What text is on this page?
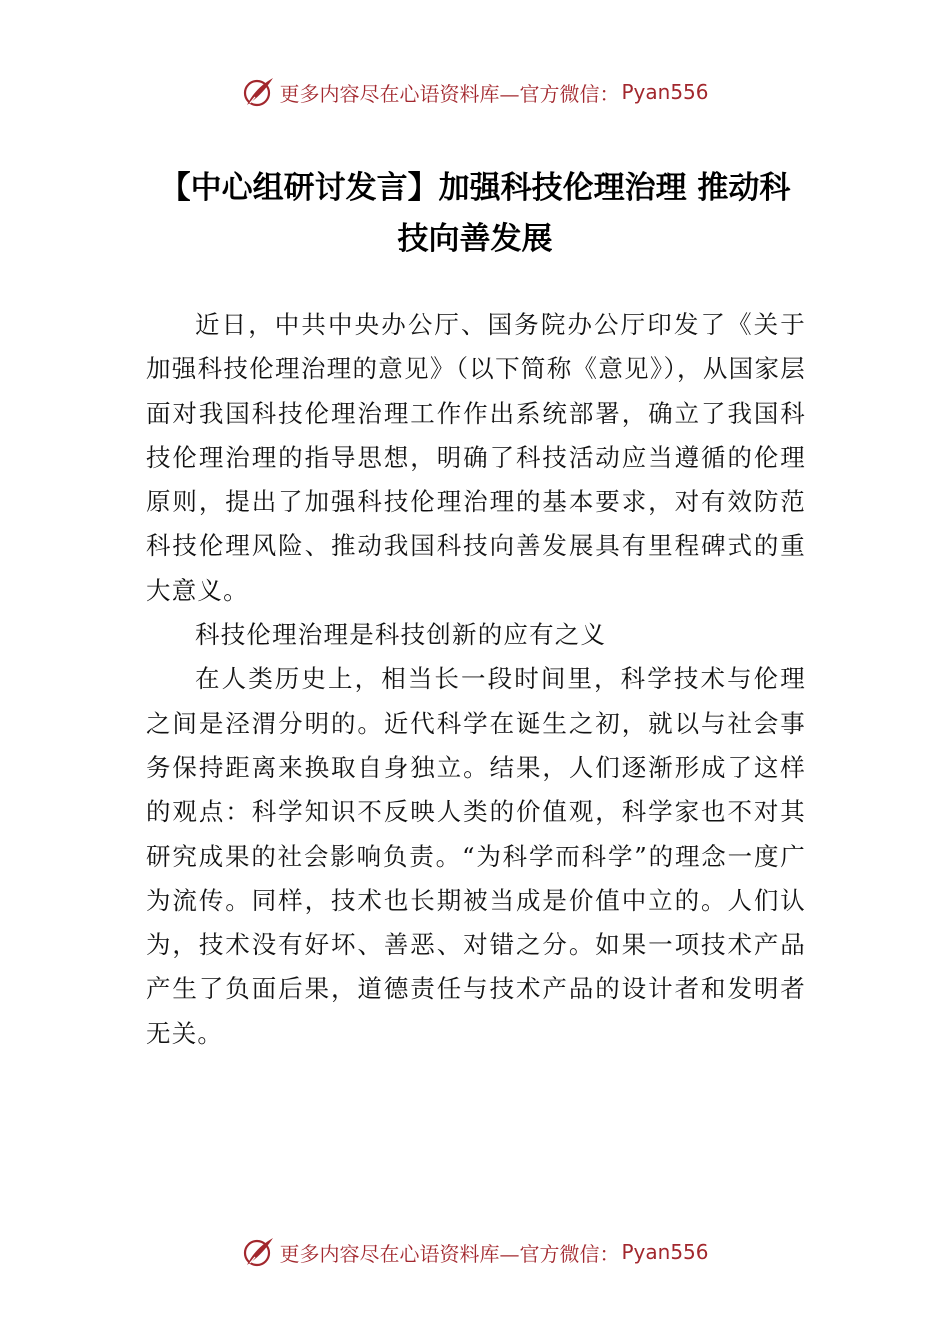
更多内容尽在心语资料库—官方微信： Pyan556
【中心组研讨发言】加强科技伦理治理 推动科技向善发展

近日，中共中央办公厅、国务院办公厅印发了《关于加强科技伦理治理的意见》（以下简称《意见》），从国家层面对我国科技伦理治理工作作出系统部署，确立了我国科技伦理治理的指导思想，明确了科技活动应当遵循的伦理原则，提出了加强科技伦理治理的基本要求，对有效防范科技伦理风险、推动我国科技向善发展具有里程碑式的重大意义。

科技伦理治理是科技创新的应有之义

在人类历史上，相当长一段时间里，科学技术与伦理之间是泾渭分明的。近代科学在诞生之初，就以与社会事务保持距离来换取自身独立。结果，人们逐渐形成了这样的观点：科学知识不反映人类的价值观，科学家也不对其研究成果的社会影响负责。“为科学而科学”的理念一度广为流传。同样，技术也长期被当成是价值中立的。人们认为，技术没有好坏、善恶、对错之分。如果一项技术产品产生了负面后果，道德责任与技术产品的设计者和发明者无关。

更多内容尽在心语资料库—官方微信： Pyan556
